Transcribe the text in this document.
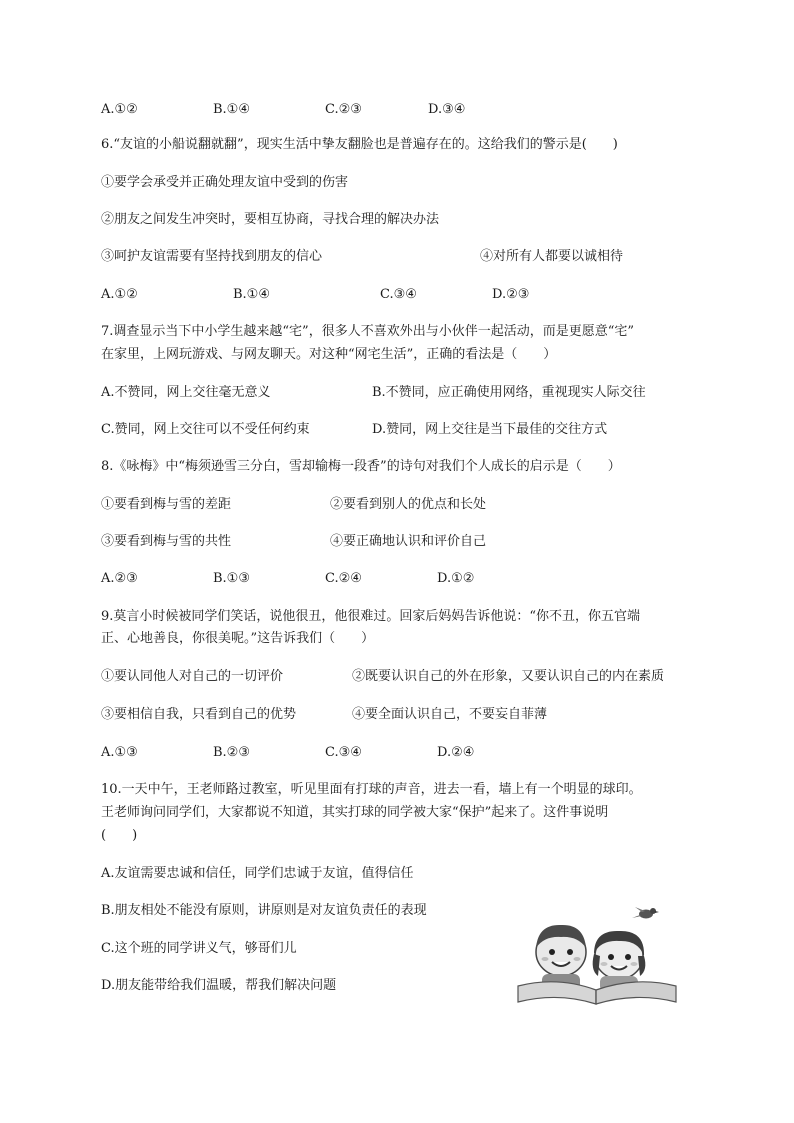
A.①②	B.①④	C.②③	D.③④
6.“友谊的小船说翻就翻”，现实生活中挚友翻脸也是普遍存在的。这给我们的警示是(　　)
①要学会承受并正确处理友谊中受到的伤害
②朋友之间发生冲突时，要相互协商，寻找合理的解决办法
③呵护友谊需要有坚持找到朋友的信心	④对所有人都要以诚相待
A.①②	B.①④	C.③④	D.②③
7.调查显示当下中小学生越来越“宅”，很多人不喜欢外出与小伙伴一起活动，而是更愿意“宅”
在家里，上网玩游戏、与网友聊天。对这种“网宅生活”，正确的看法是（　　）
A.不赞同，网上交往毫无意义	B.不赞同，应正确使用网络，重视现实人际交往
C.赞同，网上交往可以不受任何约束	D.赞同，网上交往是当下最佳的交往方式
8.《咏梅》中“梅须逊雪三分白，雪却输梅一段香”的诗句对我们个人成长的启示是（　　）
①要看到梅与雪的差距	②要看到别人的优点和长处
③要看到梅与雪的共性	④要正确地认识和评价自己
A.②③	B.①③	C.②④	D.①②
9.莫言小时候被同学们笑话，说他很丑，他很难过。回家后妈妈告诉他说：“你不丑，你五官端
正、心地善良，你很美呢。”这告诉我们（　　）
①要认同他人对自己的一切评价	②既要认识自己的外在形象，又要认识自己的内在素质
③要相信自我，只看到自己的优势	④要全面认识自己，不要妄自菲薄
A.①③	B.②③	C.③④	D.②④
10.一天中午，王老师路过教室，听见里面有打球的声音，进去一看，墙上有一个明显的球印。
王老师询问同学们，大家都说不知道，其实打球的同学被大家“保护”起来了。这件事说明
(　　)
A.友谊需要忠诚和信任，同学们忠诚于友谊，值得信任
B.朋友相处不能没有原则，讲原则是对友谊负责任的表现
C.这个班的同学讲义气，够哥们儿
D.朋友能带给我们温暖，帮我们解决问题
